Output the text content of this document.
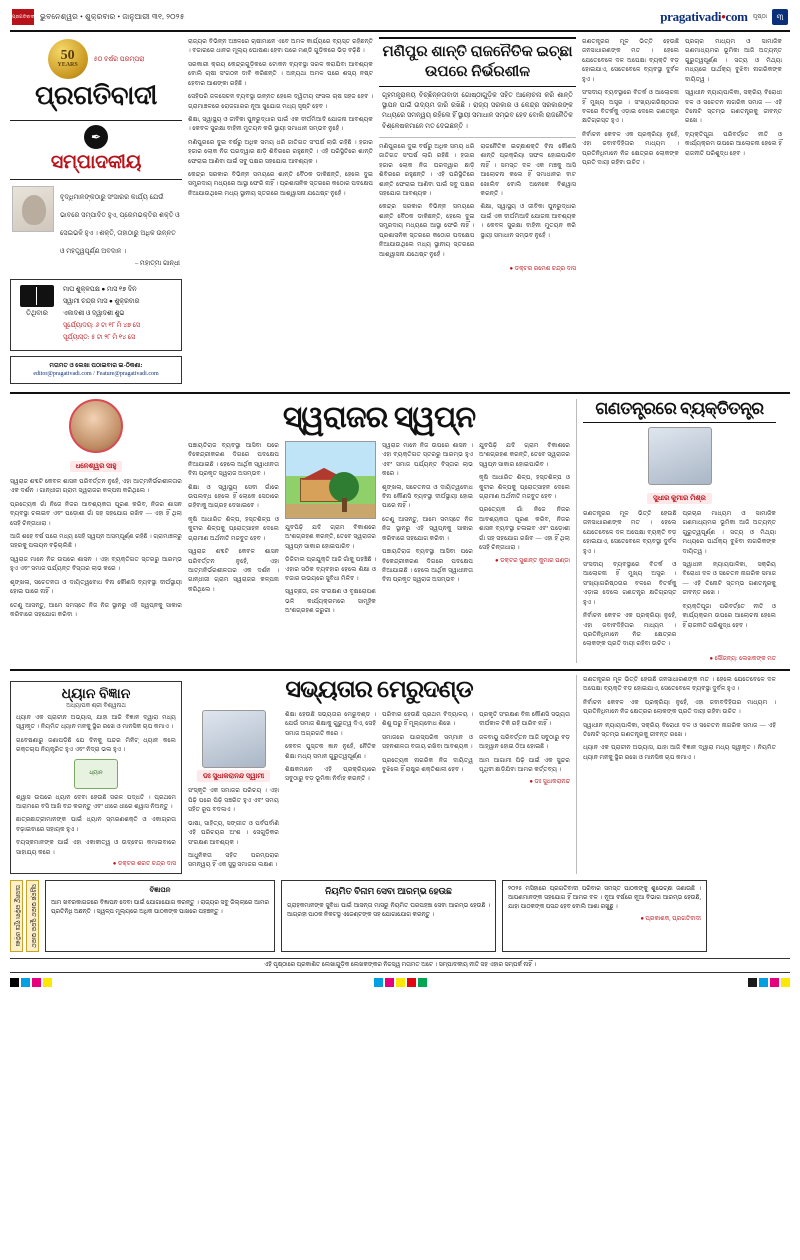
ପ୍ରଗତିବାଦୀ ଭୁବନେଶ୍ୱର • ଶୁକ୍ରବାର • ଜାନୁଆରୀ ୩୧, ୨୦୨୫	pragativadi•com ପୃଷ୍ଠା	୩
50
YEARS
୫୦ ବର୍ଷର ପରମ୍ପରା
ପ୍ରଗତିବାଦୀ
✒
ସମ୍ପାଦକୀୟ
ବୃଦ୍ଧିମାନଙ୍କଠାରୁ ସଂସାରର କାର୍ଯ୍ୟ ଯେଉଁ ଭାବରେ ସମ୍ପାଦିତ ହୁଏ, ପ୍ରେମଭକ୍ତିର ଶକ୍ତି ଓ ସେଇଭଳି ହୁଏ । ଶକ୍ତି, ତାହାଠାରୁ ଅଧିକ ଉନ୍ନତ ଓ ମହତ୍ତ୍ୱପୂର୍ଣ୍ଣ ଅବଦାନ ।
– ମହାତ୍ମା ଗାନ୍ଧୀ
ତିଥିବାର
ମାଘ ଶୁକ୍ଳପକ୍ଷ ● ମାସ ୧୭ ଦିନ
ସ୍ୱାମୀ ଚନ୍ଦ୍ର ମାସ ● ଶୁକ୍ରବାର
ଏକାଦଶୀ ଓ ଦ୍ୱାଦଶୀ ଶୁଭ
ସୂର୍ଯ୍ୟୋଦୟ: ୬ ଟା ୧୮ ମି ୪୭ ସେ
ସୂର୍ଯ୍ୟାସ୍ତ: ୫ ଟା ୨୮ ମି ୧୪ ସେ
ମତାମତ ଓ ଲେଖା ପଠାଇବାର ଇ-ଠିକଣା:
editor@pragativadi.com / Feature@pragativadi.com

ରାଜ୍ୟର ବିଭିନ୍ନ ଅଞ୍ଚଳରେ ଚାଷୀମାନେ ଏବେ ଅମଳ କାର୍ଯ୍ୟରେ ବ୍ୟସ୍ତ ରହିଛନ୍ତି । ବଜାରରେ ଧାନର ମୂଲ୍ୟ ଘୋଷଣା ହେବା ପରେ ମଣ୍ଡି ଗୁଡ଼ିକରେ ଭିଡ଼ ବଢ଼ିଛି ।

ସରକାରୀ କ୍ରୟ କେନ୍ଦ୍ରଗୁଡ଼ିକରେ ଟୋକନ ବ୍ୟବସ୍ଥା ସରଳ କରାଯିବା ଆବଶ୍ୟକ ବୋଲି ଚାଷୀ ସଂଗଠନ ଦାବି କରିଛନ୍ତି । ଅନ୍ୟଥା ଅମଳ ପରେ ଶସ୍ୟ ନଷ୍ଟ ହେବାର ଆଶଙ୍କା ରହିଛି ।

ସେହିପରି ଜଳସେଚନ ବ୍ୟବସ୍ଥା ଉନ୍ନତ ହେଲେ ଦ୍ୱିତୀୟ ଫସଲ ଚାଷ ସହଜ ହେବ । ଗ୍ରାମାଞ୍ଚଳରେ ରୋଜଗାରର ନୂଆ ସୁଯୋଗ ମଧ୍ୟ ସୃଷ୍ଟି ହେବ ।

ଶିକ୍ଷା, ସ୍ୱାସ୍ଥ୍ୟ ଓ ଜୀବିକା ପୁନରୁଦ୍ଧାର ପାଇଁ ଏକ ଦୀର୍ଘମିଆଦି ଯୋଜନା ଆବଶ୍ୟକ । କେବଳ ସୁରକ୍ଷା ବାହିନୀ ମୁତୟନ କରି ସ୍ଥାୟୀ ସମାଧାନ ସମ୍ଭବ ନୁହେଁ ।

ମଣିପୁରରେ ଦୁଇ ବର୍ଷରୁ ଅଧିକ ସମୟ ଧରି ଜାତିଗତ ସଂଘର୍ଷ ଲାଗି ରହିଛି । ହଜାର ହଜାର ଲୋକ ନିଜ ଘରଦ୍ୱାର ଛାଡ଼ି ଶିବିରରେ ରହୁଛନ୍ତି । ଏହି ପରିସ୍ଥିତିରେ ଶାନ୍ତି ଫେରାଇ ଆଣିବା ପାଇଁ ସବୁ ପକ୍ଷର ସହଯୋଗ ଆବଶ୍ୟକ ।

କେନ୍ଦ୍ର ସରକାର ବିଭିନ୍ନ ସମୟରେ ଶାନ୍ତି ବୈଠକ ଡାକିଛନ୍ତି, ହେଲେ ଦୁଇ ସମ୍ପ୍ରଦାୟ ମଧ୍ୟରେ ଆସ୍ଥା ଫେରି ନାହିଁ । ପ୍ରଶାସନିକ ସ୍ତରରେ କଠୋର ପଦକ୍ଷେପ ନିଆଯାଉଥିଲେ ମଧ୍ୟ ସ୍ଥାନୀୟ ସ୍ତରରେ ଆଶ୍ୱାସନା ଯଥେଷ୍ଟ ନୁହେଁ ।

ମଣିପୁର ଶାନ୍ତି ରାଜନୈତିକ ଇଚ୍ଛା ଉପରେ ନିର୍ଭରଶୀଳ
ଗୃହମନ୍ତ୍ରାଳୟ ବିଚ୍ଛିନ୍ନତାବାଦୀ ଗୋଷ୍ଠୀଗୁଡ଼ିକ ସହିତ ଆଲୋଚନା କରି ଶାନ୍ତି ସ୍ଥାପନ ପାଇଁ ଉଦ୍ୟମ ଜାରି ରଖିଛି । ରାଜ୍ୟ ସରକାର ଓ କେନ୍ଦ୍ର ସରକାରଙ୍କ ମଧ୍ୟରେ ସମନ୍ୱୟ ରହିଲେ ହିଁ ସ୍ଥାୟୀ ସମାଧାନ ସମ୍ଭବ ହେବ ବୋଲି ରାଜନୈତିକ ବିଶ୍ଳେଷକମାନେ ମତ ଦେଇଛନ୍ତି ।

ମଣିପୁରରେ ଦୁଇ ବର୍ଷରୁ ଅଧିକ ସମୟ ଧରି ଜାତିଗତ ସଂଘର୍ଷ ଲାଗି ରହିଛି । ହଜାର ହଜାର ଲୋକ ନିଜ ଘରଦ୍ୱାର ଛାଡ଼ି ଶିବିରରେ ରହୁଛନ୍ତି । ଏହି ପରିସ୍ଥିତିରେ ଶାନ୍ତି ଫେରାଇ ଆଣିବା ପାଇଁ ସବୁ ପକ୍ଷର ସହଯୋଗ ଆବଶ୍ୟକ ।

କେନ୍ଦ୍ର ସରକାର ବିଭିନ୍ନ ସମୟରେ ଶାନ୍ତି ବୈଠକ ଡାକିଛନ୍ତି, ହେଲେ ଦୁଇ ସମ୍ପ୍ରଦାୟ ମଧ୍ୟରେ ଆସ୍ଥା ଫେରି ନାହିଁ । ପ୍ରଶାସନିକ ସ୍ତରରେ କଠୋର ପଦକ୍ଷେପ ନିଆଯାଉଥିଲେ ମଧ୍ୟ ସ୍ଥାନୀୟ ସ୍ତରରେ ଆଶ୍ୱାସନା ଯଥେଷ୍ଟ ନୁହେଁ ।

ରାଜନୈତିକ ଇଚ୍ଛାଶକ୍ତି ବିନା କୌଣସି ଶାନ୍ତି ପ୍ରକ୍ରିୟା ସଫଳ ହୋଇପାରିବ ନାହିଁ । ସମସ୍ତ ଦଳ ଏକ ମଞ୍ଚକୁ ଆସି ଆଲୋଚନା କଲେ ହିଁ ସମାଧାନର ବାଟ ଖୋଲିବ ବୋଲି ଅନେକେ ବିଶ୍ୱାସ କରନ୍ତି ।

ଶିକ୍ଷା, ସ୍ୱାସ୍ଥ୍ୟ ଓ ଜୀବିକା ପୁନରୁଦ୍ଧାର ପାଇଁ ଏକ ଦୀର୍ଘମିଆଦି ଯୋଜନା ଆବଶ୍ୟକ । କେବଳ ସୁରକ୍ଷା ବାହିନୀ ମୁତୟନ କରି ସ୍ଥାୟୀ ସମାଧାନ ସମ୍ଭବ ନୁହେଁ ।

● ଡକ୍ଟର ରମେଶ ଚନ୍ଦ୍ର ଦାସ

ଗଣତନ୍ତ୍ରର ମୂଳ ଭିତ୍ତି ହେଉଛି ଜନସାଧାରଣଙ୍କ ମତ । ହେଲେ ଯେତେବେଳେ ଦଳ ଅପେକ୍ଷା ବ୍ୟକ୍ତି ବଡ଼ ହୋଇଯାଏ, ସେତେବେଳେ ବ୍ୟବସ୍ଥା ଦୁର୍ବଳ ହୁଏ ।

ସଂସଦୀୟ ବ୍ୟବସ୍ଥାରେ ବିତର୍କ ଓ ଆଲୋଚନା ହିଁ ମୁଖ୍ୟ ଅସ୍ତ୍ର । ସଂଖ୍ୟାଗରିଷ୍ଠତାର ବଳରେ ବିତର୍କକୁ ଏଡ଼ାଇ ଦେଲେ ଗଣତନ୍ତ୍ର କ୍ଷତିଗ୍ରସ୍ତ ହୁଏ ।

ନିର୍ବାଚନ କେବଳ ଏକ ପ୍ରକ୍ରିୟା ନୁହେଁ, ଏହା ଜବାବଦିହିତାର ମାଧ୍ୟମ । ପ୍ରତିନିଧିମାନେ ନିଜ କ୍ଷେତ୍ରର ଲୋକଙ୍କ ପ୍ରତି ଦାୟୀ ରହିବା ଉଚିତ ।

ପ୍ରଚାର ମାଧ୍ୟମ ଓ ସାମାଜିକ ଗଣମାଧ୍ୟମର ଭୂମିକା ଆଜି ଅତ୍ୟନ୍ତ ଗୁରୁତ୍ୱପୂର୍ଣ୍ଣ । ସତ୍ୟ ଓ ମିଥ୍ୟା ମଧ୍ୟରେ ପାର୍ଥକ୍ୟ ବୁଝିବା ନାଗରିକଙ୍କ ଦାୟିତ୍ୱ ।

ସ୍ୱାଧୀନ ନ୍ୟାୟପାଳିକା, ସକ୍ରିୟ ବିରୋଧୀ ଦଳ ଓ ସଚେତନ ନାଗରିକ ସମାଜ — ଏହି ତିନୋଟି ସ୍ତମ୍ଭ ଗଣତନ୍ତ୍ରକୁ ଜୀବନ୍ତ ରଖେ ।

ବ୍ୟକ୍ତିପୂଜା ପରିବର୍ତ୍ତେ ନୀତି ଓ କାର୍ଯ୍ୟକ୍ରମ ଉପରେ ଆଲୋଚନା ହେଲେ ହିଁ ରାଜନୀତି ପରିଶୁଦ୍ଧ ହେବ ।

ଧନେଶ୍ୱର ସାହୁ

ସ୍ୱରାଜ ଶବ୍ଦଟି କେବଳ ଶାସନ ପରିବର୍ତ୍ତନ ନୁହେଁ, ଏହା ଆତ୍ମନିର୍ଭରଶୀଳତାର ଏକ ଦର୍ଶନ । ଗାନ୍ଧୀଜୀ ଗ୍ରାମ ସ୍ୱରାଜର କଳ୍ପନା କରିଥିଲେ ।

ପ୍ରତ୍ୟେକ ଗାଁ ନିଜେ ନିଜର ଆବଶ୍ୟକତା ପୂରଣ କରିବ, ନିଜର ଶାସନ ବ୍ୟବସ୍ଥା ଚଳାଇବ ଏବଂ ପଡ଼ୋଶୀ ଗାଁ ସହ ସହଯୋଗ ରଖିବ — ଏହା ହିଁ ଥିଲା ସେହି ଚିନ୍ତାଧାରା ।

ଆଜି ଶହେ ବର୍ଷ ପରେ ମଧ୍ୟ ସେହି ସ୍ୱପ୍ନ ଅସମ୍ପୂର୍ଣ୍ଣ ରହିଛି । ଗ୍ରାମାଞ୍ଚଳରୁ ସହରକୁ ପଳାୟନ ବଢ଼ିଚାଲିଛି ।

ସ୍ୱରାଜ ମାନେ ନିଜ ଉପରେ ଶାସନ । ଏହା ବ୍ୟକ୍ତିଗତ ସ୍ତରରୁ ଆରମ୍ଭ ହୁଏ ଏବଂ ସମାଜ ପର୍ଯ୍ୟନ୍ତ ବିସ୍ତାର ଲାଭ କରେ ।

ଶୃଙ୍ଖଳା, ସଚେତନତା ଓ ଦାୟିତ୍ୱବୋଧ ବିନା କୌଣସି ବ୍ୟବସ୍ଥା ଦୀର୍ଘସ୍ଥାୟୀ ହୋଇ ପାରେ ନାହିଁ ।

ତେଣୁ ଆସନ୍ତୁ, ଆମେ ସମସ୍ତେ ନିଜ ନିଜ ସ୍ଥାନରୁ ଏହି ସ୍ୱପ୍ନକୁ ସାକାର କରିବାରେ ସହଯୋଗ କରିବା ।

ସ୍ୱରାଜର ସ୍ୱପ୍ନ

ପଞ୍ଚାୟତିରାଜ ବ୍ୟବସ୍ଥା ଆସିବା ପରେ ବିକେନ୍ଦ୍ରୀକରଣ ଦିଗରେ ପଦକ୍ଷେପ ନିଆଯାଇଛି । ହେଲେ ଆର୍ଥିକ ସ୍ୱାଧୀନତା ବିନା ପ୍ରକୃତ ସ୍ୱରାଜ ଅସମ୍ଭବ ।

ଶିକ୍ଷା ଓ ସ୍ୱାସ୍ଥ୍ୟ ସେବା ଗାଁରେ ଉପଲବ୍ଧ ହେଲେ ହିଁ ଲୋକେ ସେଠାରେ ରହିବାକୁ ଆଗ୍ରହ ଦେଖାଇବେ ।

କୃଷି ଆଧାରିତ ଶିଳ୍ପ, ହସ୍ତଶିଳ୍ପ ଓ କୁଟୀର ଶିଳ୍ପକୁ ପ୍ରୋତ୍ସାହନ ଦେଲେ ଗ୍ରାମୀଣ ଅର୍ଥନୀତି ମଜବୁତ ହେବ ।

ସ୍ୱରାଜ ଶବ୍ଦଟି କେବଳ ଶାସନ ପରିବର୍ତ୍ତନ ନୁହେଁ, ଏହା ଆତ୍ମନିର୍ଭରଶୀଳତାର ଏକ ଦର୍ଶନ । ଗାନ୍ଧୀଜୀ ଗ୍ରାମ ସ୍ୱରାଜର କଳ୍ପନା କରିଥିଲେ ।

ଯୁବପିଢ଼ି ଯଦି ଗ୍ରାମ ବିକାଶରେ ଅଂଶଗ୍ରହଣ କରନ୍ତି, ତେବେ ସ୍ୱରାଜର ସ୍ୱପ୍ନ ସାକାର ହୋଇପାରିବ ।

ଡିଜିଟାଲ ପ୍ରଯୁକ୍ତି ଆଜି ଗାଁକୁ ପହଞ୍ଚିଛି । ଏହାର ସଠିକ ବ୍ୟବହାର ହେଲେ ଶିକ୍ଷା ଓ ବଜାର ଉଭୟରେ ସୁବିଧା ମିଳିବ ।

ସ୍ୱଚ୍ଛତା, ଜଳ ସଂରକ୍ଷଣ ଓ ବୃକ୍ଷରୋପଣ ଭଳି କାର୍ଯ୍ୟକ୍ରମରେ ସାମୂହିକ ଅଂଶଗ୍ରହଣ ଜରୁରୀ ।

ସ୍ୱରାଜ ମାନେ ନିଜ ଉପରେ ଶାସନ । ଏହା ବ୍ୟକ୍ତିଗତ ସ୍ତରରୁ ଆରମ୍ଭ ହୁଏ ଏବଂ ସମାଜ ପର୍ଯ୍ୟନ୍ତ ବିସ୍ତାର ଲାଭ କରେ ।

ଶୃଙ୍ଖଳା, ସଚେତନତା ଓ ଦାୟିତ୍ୱବୋଧ ବିନା କୌଣସି ବ୍ୟବସ୍ଥା ଦୀର୍ଘସ୍ଥାୟୀ ହୋଇ ପାରେ ନାହିଁ ।

ତେଣୁ ଆସନ୍ତୁ, ଆମେ ସମସ୍ତେ ନିଜ ନିଜ ସ୍ଥାନରୁ ଏହି ସ୍ୱପ୍ନକୁ ସାକାର କରିବାରେ ସହଯୋଗ କରିବା ।

ପଞ୍ଚାୟତିରାଜ ବ୍ୟବସ୍ଥା ଆସିବା ପରେ ବିକେନ୍ଦ୍ରୀକରଣ ଦିଗରେ ପଦକ୍ଷେପ ନିଆଯାଇଛି । ହେଲେ ଆର୍ଥିକ ସ୍ୱାଧୀନତା ବିନା ପ୍ରକୃତ ସ୍ୱରାଜ ଅସମ୍ଭବ ।

ଯୁବପିଢ଼ି ଯଦି ଗ୍ରାମ ବିକାଶରେ ଅଂଶଗ୍ରହଣ କରନ୍ତି, ତେବେ ସ୍ୱରାଜର ସ୍ୱପ୍ନ ସାକାର ହୋଇପାରିବ ।

କୃଷି ଆଧାରିତ ଶିଳ୍ପ, ହସ୍ତଶିଳ୍ପ ଓ କୁଟୀର ଶିଳ୍ପକୁ ପ୍ରୋତ୍ସାହନ ଦେଲେ ଗ୍ରାମୀଣ ଅର୍ଥନୀତି ମଜବୁତ ହେବ ।

ପ୍ରତ୍ୟେକ ଗାଁ ନିଜେ ନିଜର ଆବଶ୍ୟକତା ପୂରଣ କରିବ, ନିଜର ଶାସନ ବ୍ୟବସ୍ଥା ଚଳାଇବ ଏବଂ ପଡ଼ୋଶୀ ଗାଁ ସହ ସହଯୋଗ ରଖିବ — ଏହା ହିଁ ଥିଲା ସେହି ଚିନ୍ତାଧାରା ।

● ଡକ୍ଟର ସୁଶାନ୍ତ କୁମାର ପଣ୍ଡା
ଗଣତନ୍ତ୍ରରେ ବ୍ୟକ୍ତିତନ୍ତ୍ର
ସୁଧୀର କୁମାର ମିଶ୍ର

ଗଣତନ୍ତ୍ରର ମୂଳ ଭିତ୍ତି ହେଉଛି ଜନସାଧାରଣଙ୍କ ମତ । ହେଲେ ଯେତେବେଳେ ଦଳ ଅପେକ୍ଷା ବ୍ୟକ୍ତି ବଡ଼ ହୋଇଯାଏ, ସେତେବେଳେ ବ୍ୟବସ୍ଥା ଦୁର୍ବଳ ହୁଏ ।

ସଂସଦୀୟ ବ୍ୟବସ୍ଥାରେ ବିତର୍କ ଓ ଆଲୋଚନା ହିଁ ମୁଖ୍ୟ ଅସ୍ତ୍ର । ସଂଖ୍ୟାଗରିଷ୍ଠତାର ବଳରେ ବିତର୍କକୁ ଏଡ଼ାଇ ଦେଲେ ଗଣତନ୍ତ୍ର କ୍ଷତିଗ୍ରସ୍ତ ହୁଏ ।

ନିର୍ବାଚନ କେବଳ ଏକ ପ୍ରକ୍ରିୟା ନୁହେଁ, ଏହା ଜବାବଦିହିତାର ମାଧ୍ୟମ । ପ୍ରତିନିଧିମାନେ ନିଜ କ୍ଷେତ୍ରର ଲୋକଙ୍କ ପ୍ରତି ଦାୟୀ ରହିବା ଉଚିତ ।

ପ୍ରଚାର ମାଧ୍ୟମ ଓ ସାମାଜିକ ଗଣମାଧ୍ୟମର ଭୂମିକା ଆଜି ଅତ୍ୟନ୍ତ ଗୁରୁତ୍ୱପୂର୍ଣ୍ଣ । ସତ୍ୟ ଓ ମିଥ୍ୟା ମଧ୍ୟରେ ପାର୍ଥକ୍ୟ ବୁଝିବା ନାଗରିକଙ୍କ ଦାୟିତ୍ୱ ।

ସ୍ୱାଧୀନ ନ୍ୟାୟପାଳିକା, ସକ୍ରିୟ ବିରୋଧୀ ଦଳ ଓ ସଚେତନ ନାଗରିକ ସମାଜ — ଏହି ତିନୋଟି ସ୍ତମ୍ଭ ଗଣତନ୍ତ୍ରକୁ ଜୀବନ୍ତ ରଖେ ।

ବ୍ୟକ୍ତିପୂଜା ପରିବର୍ତ୍ତେ ନୀତି ଓ କାର୍ଯ୍ୟକ୍ରମ ଉପରେ ଆଲୋଚନା ହେଲେ ହିଁ ରାଜନୀତି ପରିଶୁଦ୍ଧ ହେବ ।

● ସୌଜନ୍ୟ: ଲେଖକଙ୍କ ମତ
ଧ୍ୟାନ ବିଜ୍ଞାନ
ଅଧ୍ୟାପକ ଶ୍ରୀ ବିଶ୍ୱନାଥ

ଧ୍ୟାନ ଏକ ପ୍ରାଚୀନ ଅଭ୍ୟାସ, ଯାହା ଆଜି ବିଜ୍ଞାନ ଦ୍ୱାରା ମଧ୍ୟ ସ୍ୱୀକୃତ । ନିୟମିତ ଧ୍ୟାନ ମନକୁ ସ୍ଥିର ରଖେ ଓ ମାନସିକ ଚାପ କମାଏ ।

ଗବେଷଣାରୁ ଜଣାପଡ଼ିଛି ଯେ ଦିନକୁ ପନ୍ଦର ମିନିଟ୍ ଧ୍ୟାନ କଲେ ରକ୍ତଚାପ ନିୟନ୍ତ୍ରିତ ହୁଏ ଏବଂ ନିଦ୍ରା ଭଲ ହୁଏ ।

ଧ୍ୟାନ

ଶ୍ୱାସ ଉପରେ ଧ୍ୟାନ ଦେବା ହେଉଛି ସରଳ ପଦ୍ଧତି । ପ୍ରଥମେ ଆରାମରେ ବସି ଆଖି ବନ୍ଦ କରନ୍ତୁ ଏବଂ ଧୀରେ ଧୀରେ ଶ୍ୱାସ ନିଅନ୍ତୁ ।

ଛାତ୍ରଛାତ୍ରୀମାନଙ୍କ ପାଇଁ ଧ୍ୟାନ ସ୍ମରଣଶକ୍ତି ଓ ଏକାଗ୍ରତା ବଢ଼ାଇବାରେ ସହାୟକ ହୁଏ ।

ବୟସ୍କମାନଙ୍କ ପାଇଁ ଏହା ଏକାକୀତ୍ୱ ଓ ଉଦ୍‌ବେଗ କମାଇବାରେ ସାହାଯ୍ୟ କରେ ।

● ଡକ୍ଟର ଶରତ ଚନ୍ଦ୍ର ଦାସ
ସଭ୍ୟତାର ମେରୁଦଣ୍ଡ
ଡଃ ସୁଧାକରାନନ୍ଦ ସ୍ୱାମୀ

ସଂସ୍କୃତି ଏକ ସମାଜର ପରିଚୟ । ଏହା ପିଢ଼ି ପରେ ପିଢ଼ି ସଞ୍ଚରିତ ହୁଏ ଏବଂ ସମୟ ସହିତ ରୂପ ବଦଳାଏ ।

ଭାଷା, ସାହିତ୍ୟ, ସଙ୍ଗୀତ ଓ ପର୍ବପର୍ବାଣି ଏହି ପରିଚୟର ଅଂଶ । ସେଗୁଡ଼ିକର ସଂରକ୍ଷଣ ଆବଶ୍ୟକ ।

ଆଧୁନିକତା ସହିତ ପରମ୍ପରାର ସମନ୍ୱୟ ହିଁ ଏକ ସୁସ୍ଥ ସମାଜର ଲକ୍ଷଣ ।

ଶିକ୍ଷା ହେଉଛି ସଭ୍ୟତାର ମେରୁଦଣ୍ଡ । ଯେଉଁ ସମାଜ ଶିକ୍ଷାକୁ ଗୁରୁତ୍ୱ ଦିଏ, ସେହି ସମାଜ ଅଗ୍ରଗତି କରେ ।

କେବଳ ପୁସ୍ତକ ଜ୍ଞାନ ନୁହେଁ, ନୈତିକ ଶିକ୍ଷା ମଧ୍ୟ ସମାନ ଗୁରୁତ୍ୱପୂର୍ଣ୍ଣ ।

ଶିକ୍ଷକମାନେ ଏହି ପ୍ରକ୍ରିୟାରେ ସବୁଠାରୁ ବଡ଼ ଭୂମିକା ନିର୍ବାହ କରନ୍ତି ।

ପରିବାର ହେଉଛି ପ୍ରଥମ ବିଦ୍ୟାଳୟ । ଶିଶୁ ଘରୁ ହିଁ ମୂଲ୍ୟବୋଧ ଶିଖେ ।

ସମାଜରେ ପାରସ୍ପରିକ ସମ୍ମାନ ଓ ସହନଶୀଳତା ବଜାୟ ରଖିବା ଆବଶ୍ୟକ ।

ପ୍ରତ୍ୟେକ ନାଗରିକ ନିଜ ଦାୟିତ୍ୱ ବୁଝିଲେ ହିଁ ରାଷ୍ଟ୍ର ଶକ୍ତିଶାଳୀ ହେବ ।

ପ୍ରକୃତି ସଂରକ୍ଷଣ ବିନା କୌଣସି ସଭ୍ୟତା ଦୀର୍ଘକାଳ ଟିକି ରହି ପାରିବ ନାହିଁ ।

ଜଳବାୟୁ ପରିବର୍ତ୍ତନ ଆଜି ସବୁଠାରୁ ବଡ଼ ଆହ୍ୱାନ ହୋଇ ଠିଆ ହୋଇଛି ।

ଆମ ଆଗାମୀ ପିଢ଼ି ପାଇଁ ଏକ ସୁନ୍ଦର ପୃଥିବୀ ଛାଡ଼ିଯିବା ଆମର କର୍ତ୍ତବ୍ୟ ।

● ଡଃ ସୁଧାକରାନନ୍ଦ

ଗଣତନ୍ତ୍ରର ମୂଳ ଭିତ୍ତି ହେଉଛି ଜନସାଧାରଣଙ୍କ ମତ । ହେଲେ ଯେତେବେଳେ ଦଳ ଅପେକ୍ଷା ବ୍ୟକ୍ତି ବଡ଼ ହୋଇଯାଏ, ସେତେବେଳେ ବ୍ୟବସ୍ଥା ଦୁର୍ବଳ ହୁଏ ।

ନିର୍ବାଚନ କେବଳ ଏକ ପ୍ରକ୍ରିୟା ନୁହେଁ, ଏହା ଜବାବଦିହିତାର ମାଧ୍ୟମ । ପ୍ରତିନିଧିମାନେ ନିଜ କ୍ଷେତ୍ରର ଲୋକଙ୍କ ପ୍ରତି ଦାୟୀ ରହିବା ଉଚିତ ।

ସ୍ୱାଧୀନ ନ୍ୟାୟପାଳିକା, ସକ୍ରିୟ ବିରୋଧୀ ଦଳ ଓ ସଚେତନ ନାଗରିକ ସମାଜ — ଏହି ତିନୋଟି ସ୍ତମ୍ଭ ଗଣତନ୍ତ୍ରକୁ ଜୀବନ୍ତ ରଖେ ।

ଧ୍ୟାନ ଏକ ପ୍ରାଚୀନ ଅଭ୍ୟାସ, ଯାହା ଆଜି ବିଜ୍ଞାନ ଦ୍ୱାରା ମଧ୍ୟ ସ୍ୱୀକୃତ । ନିୟମିତ ଧ୍ୟାନ ମନକୁ ସ୍ଥିର ରଖେ ଓ ମାନସିକ ଚାପ କମାଏ ।

ଆସନ୍ତୁ ଗଢ଼ିବା ନୂଆ ଓଡ଼ିଶା	ସ୍ୱଚ୍ଛ ଭାରତ ସୁନ୍ଦର ଭାରତ	ବିଜ୍ଞାପନ
ଆମ ଖବରକାଗଜରେ ବିଜ୍ଞାପନ ଦେବା ପାଇଁ ଯୋଗାଯୋଗ କରନ୍ତୁ । ରାଜ୍ୟର ସବୁ ଜିଲ୍ଲାରେ ଆମର ପ୍ରତିନିଧି ଅଛନ୍ତି । ସ୍ୱଳ୍ପ ମୂଲ୍ୟରେ ଅଧିକ ପାଠକଙ୍କ ପାଖରେ ପହଞ୍ଚନ୍ତୁ ।
ନିୟମିତ ବିନାମ ସେବା ଆରମ୍ଭ ହେଉଛ
ଗ୍ରାହକମାନଙ୍କ ସୁବିଧା ପାଇଁ ଆସନ୍ତା ମାସରୁ ନିୟମିତ ଘରପହଞ୍ଚା ସେବା ଆରମ୍ଭ ହେଉଛି । ଆଗ୍ରହୀ ପାଠକ ନିକଟସ୍ଥ ଏଜେଣ୍ଟଙ୍କ ସହ ଯୋଗାଯୋଗ କରନ୍ତୁ ।
୨୦୨୫ ମସିହାରେ ପ୍ରଗତିବାଦୀ ପରିବାର ସମସ୍ତ ପାଠକଙ୍କୁ ଶୁଭେଚ୍ଛା ଜଣାଉଛି । ଆପଣମାନଙ୍କ ସହଯୋଗ ହିଁ ଆମର ବଳ । ନୂଆ ବର୍ଷରେ ନୂଆ ବିଭାଗ ଆରମ୍ଭ ହେଉଛି, ଯାହା ପାଠକଙ୍କ ପସନ୍ଦ ହେବ ବୋଲି ଆଶା ରଖୁଛୁ ।
● ପ୍ରକାଶକ, ପ୍ରଗତିବାଦୀ
ଏହି ପୃଷ୍ଠାରେ ପ୍ରକାଶିତ ଲେଖାଗୁଡ଼ିକ ଲେଖକଙ୍କର ନିଜସ୍ୱ ମତାମତ ଅଟେ । ସମ୍ପାଦକୀୟ ନୀତି ସହ ଏହାର ସମ୍ପର୍କ ନାହିଁ ।
